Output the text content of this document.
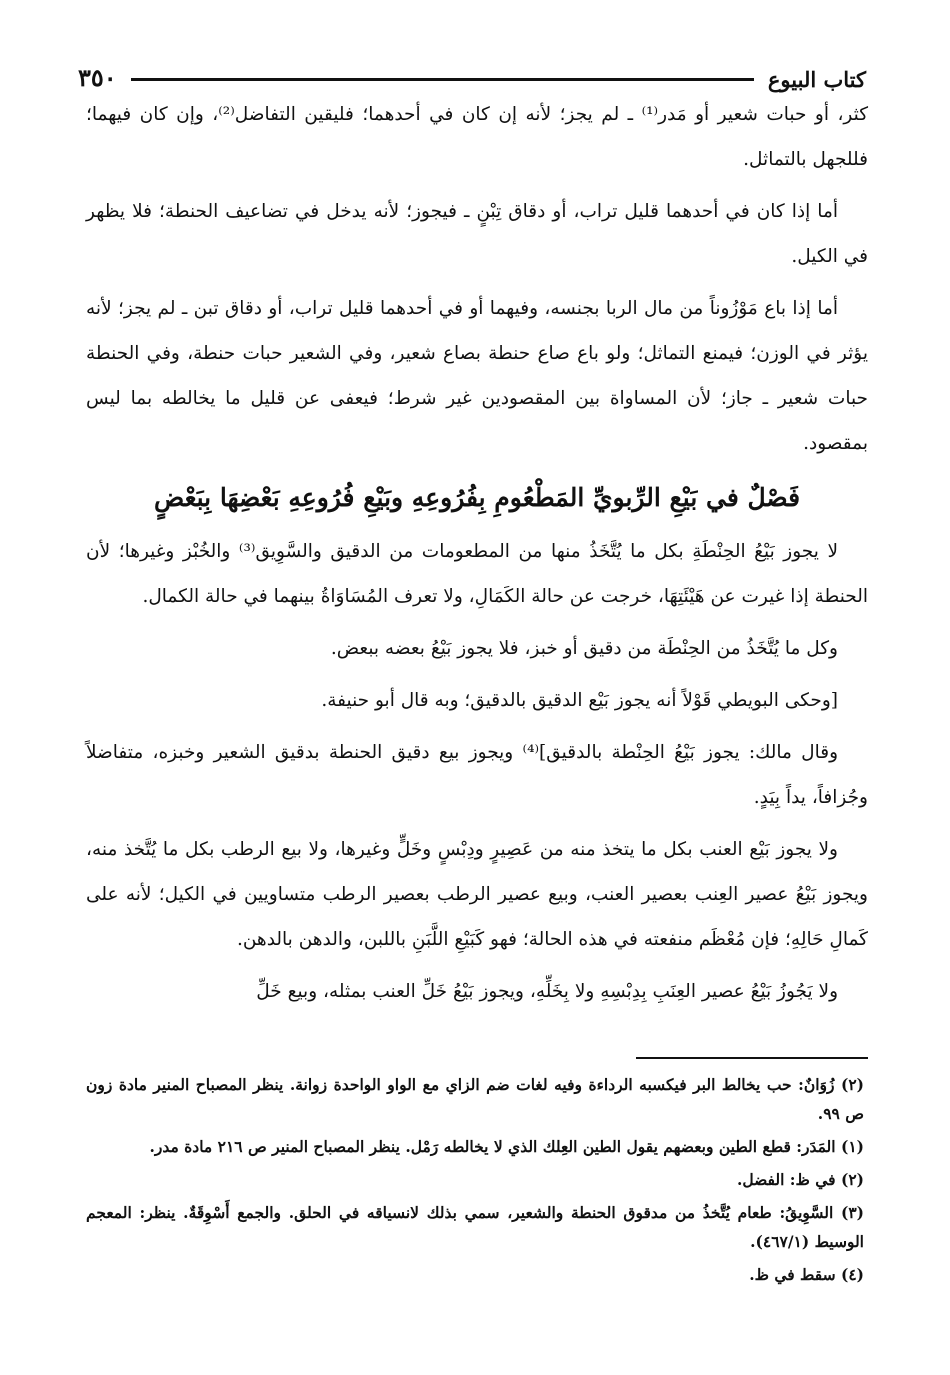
كتاب البيوع
٣٥٠

كثر، أو حبات شعير أو مَدر⁽¹⁾ ـ لم يجز؛ لأنه إن كان في أحدهما؛ فليقين التفاضل⁽²⁾، وإن كان فيهما؛ فللجهل بالتماثل.

أما إذا كان في أحدهما قليل تراب، أو دقاق تِبْنٍ ـ فيجوز؛ لأنه يدخل في تضاعيف الحنطة؛ فلا يظهر في الكيل.

أما إذا باع مَوْزُوناً من مال الربا بجنسه، وفيهما أو في أحدهما قليل تراب، أو دقاق تبن ـ لم يجز؛ لأنه يؤثر في الوزن؛ فيمنع التماثل؛ ولو باع صاع حنطة بصاع شعير، وفي الشعير حبات حنطة، وفي الحنطة حبات شعير ـ جاز؛ لأن المساواة بين المقصودين غير شرط؛ فيعفى عن قليل ما يخالطه بما ليس بمقصود.

فَصْلٌ في بَيْعِ الرِّبويِّ المَطْعُومِ بِفُرُوعِهِ وبَيْعِ فُرُوعِهِ بَعْضِهَا بِبَعْضٍ

لا يجوز بَيْعُ الحِنْطَةِ بكل ما يُتَّخَذُ منها من المطعومات من الدقيق والسَّوِيق⁽³⁾ والخُبْز وغيرها؛ لأن الحنطة إذا غيرت عن هَيْئَتِهَا، خرجت عن حالة الكَمَالِ، ولا تعرف المُسَاوَاةُ بينهما في حالة الكمال.

وكل ما يُتَّخَذُ من الحِنْطَة من دقيق أو خبز، فلا يجوز بَيْعُ بعضه ببعض.

[وحكى البويطي قَوْلاً أنه يجوز بَيْع الدقيق بالدقيق؛ وبه قال أبو حنيفة.

وقال مالك: يجوز بَيْعُ الحِنْطة بالدقيق]⁽⁴⁾ ويجوز بيع دقيق الحنطة بدقيق الشعير وخبزه، متفاضلاً وجُزافاً، يداً بِيَدٍ.

ولا يجوز بَيْع العنب بكل ما يتخذ منه من عَصِيرٍ ودِبْسٍ وخَلٍّ وغيرها، ولا بيع الرطب بكل ما يُتَّخذ منه، ويجوز بَيْعُ عصير العِنب بعصير العنب، وبيع عصير الرطب بعصير الرطب متساويين في الكيل؛ لأنه على كَمالِ حَالِهِ؛ فإن مُعْظَم منفعته في هذه الحالة؛ فهو كَبَيْعِ اللَّبَنِ باللبن، والدهن بالدهن.

ولا يَجُوزُ بَيْعُ عصير العِنَبِ بِدِبْسِهِ ولا بِخَلِّهِ، ويجوز بَيْعُ خَلِّ العنب بمثله، وبيع خَلِّ

(٢) زُوَانٌ: حب يخالط البر فيكسبه الرداءة وفيه لغات ضم الزاي مع الواو الواحدة زوانة. ينظر المصباح المنير مادة زون ص ٩٩.

(١) المَدَر: قطع الطين وبعضهم يقول الطين العِلك الذي لا يخالطه رَمْل. ينظر المصباح المنير ص ٢١٦ مادة مدر.

(٢) في ظ: الفضل.

(٣) السَّوِيقُ: طعام يُتَّخذُ من مدقوق الحنطة والشعير، سمي بذلك لانسياقه في الحلق. والجمع أَسْوِقَةٌ. ينظر: المعجم الوسيط (٤٦٧/١).

(٤) سقط في ظ.
